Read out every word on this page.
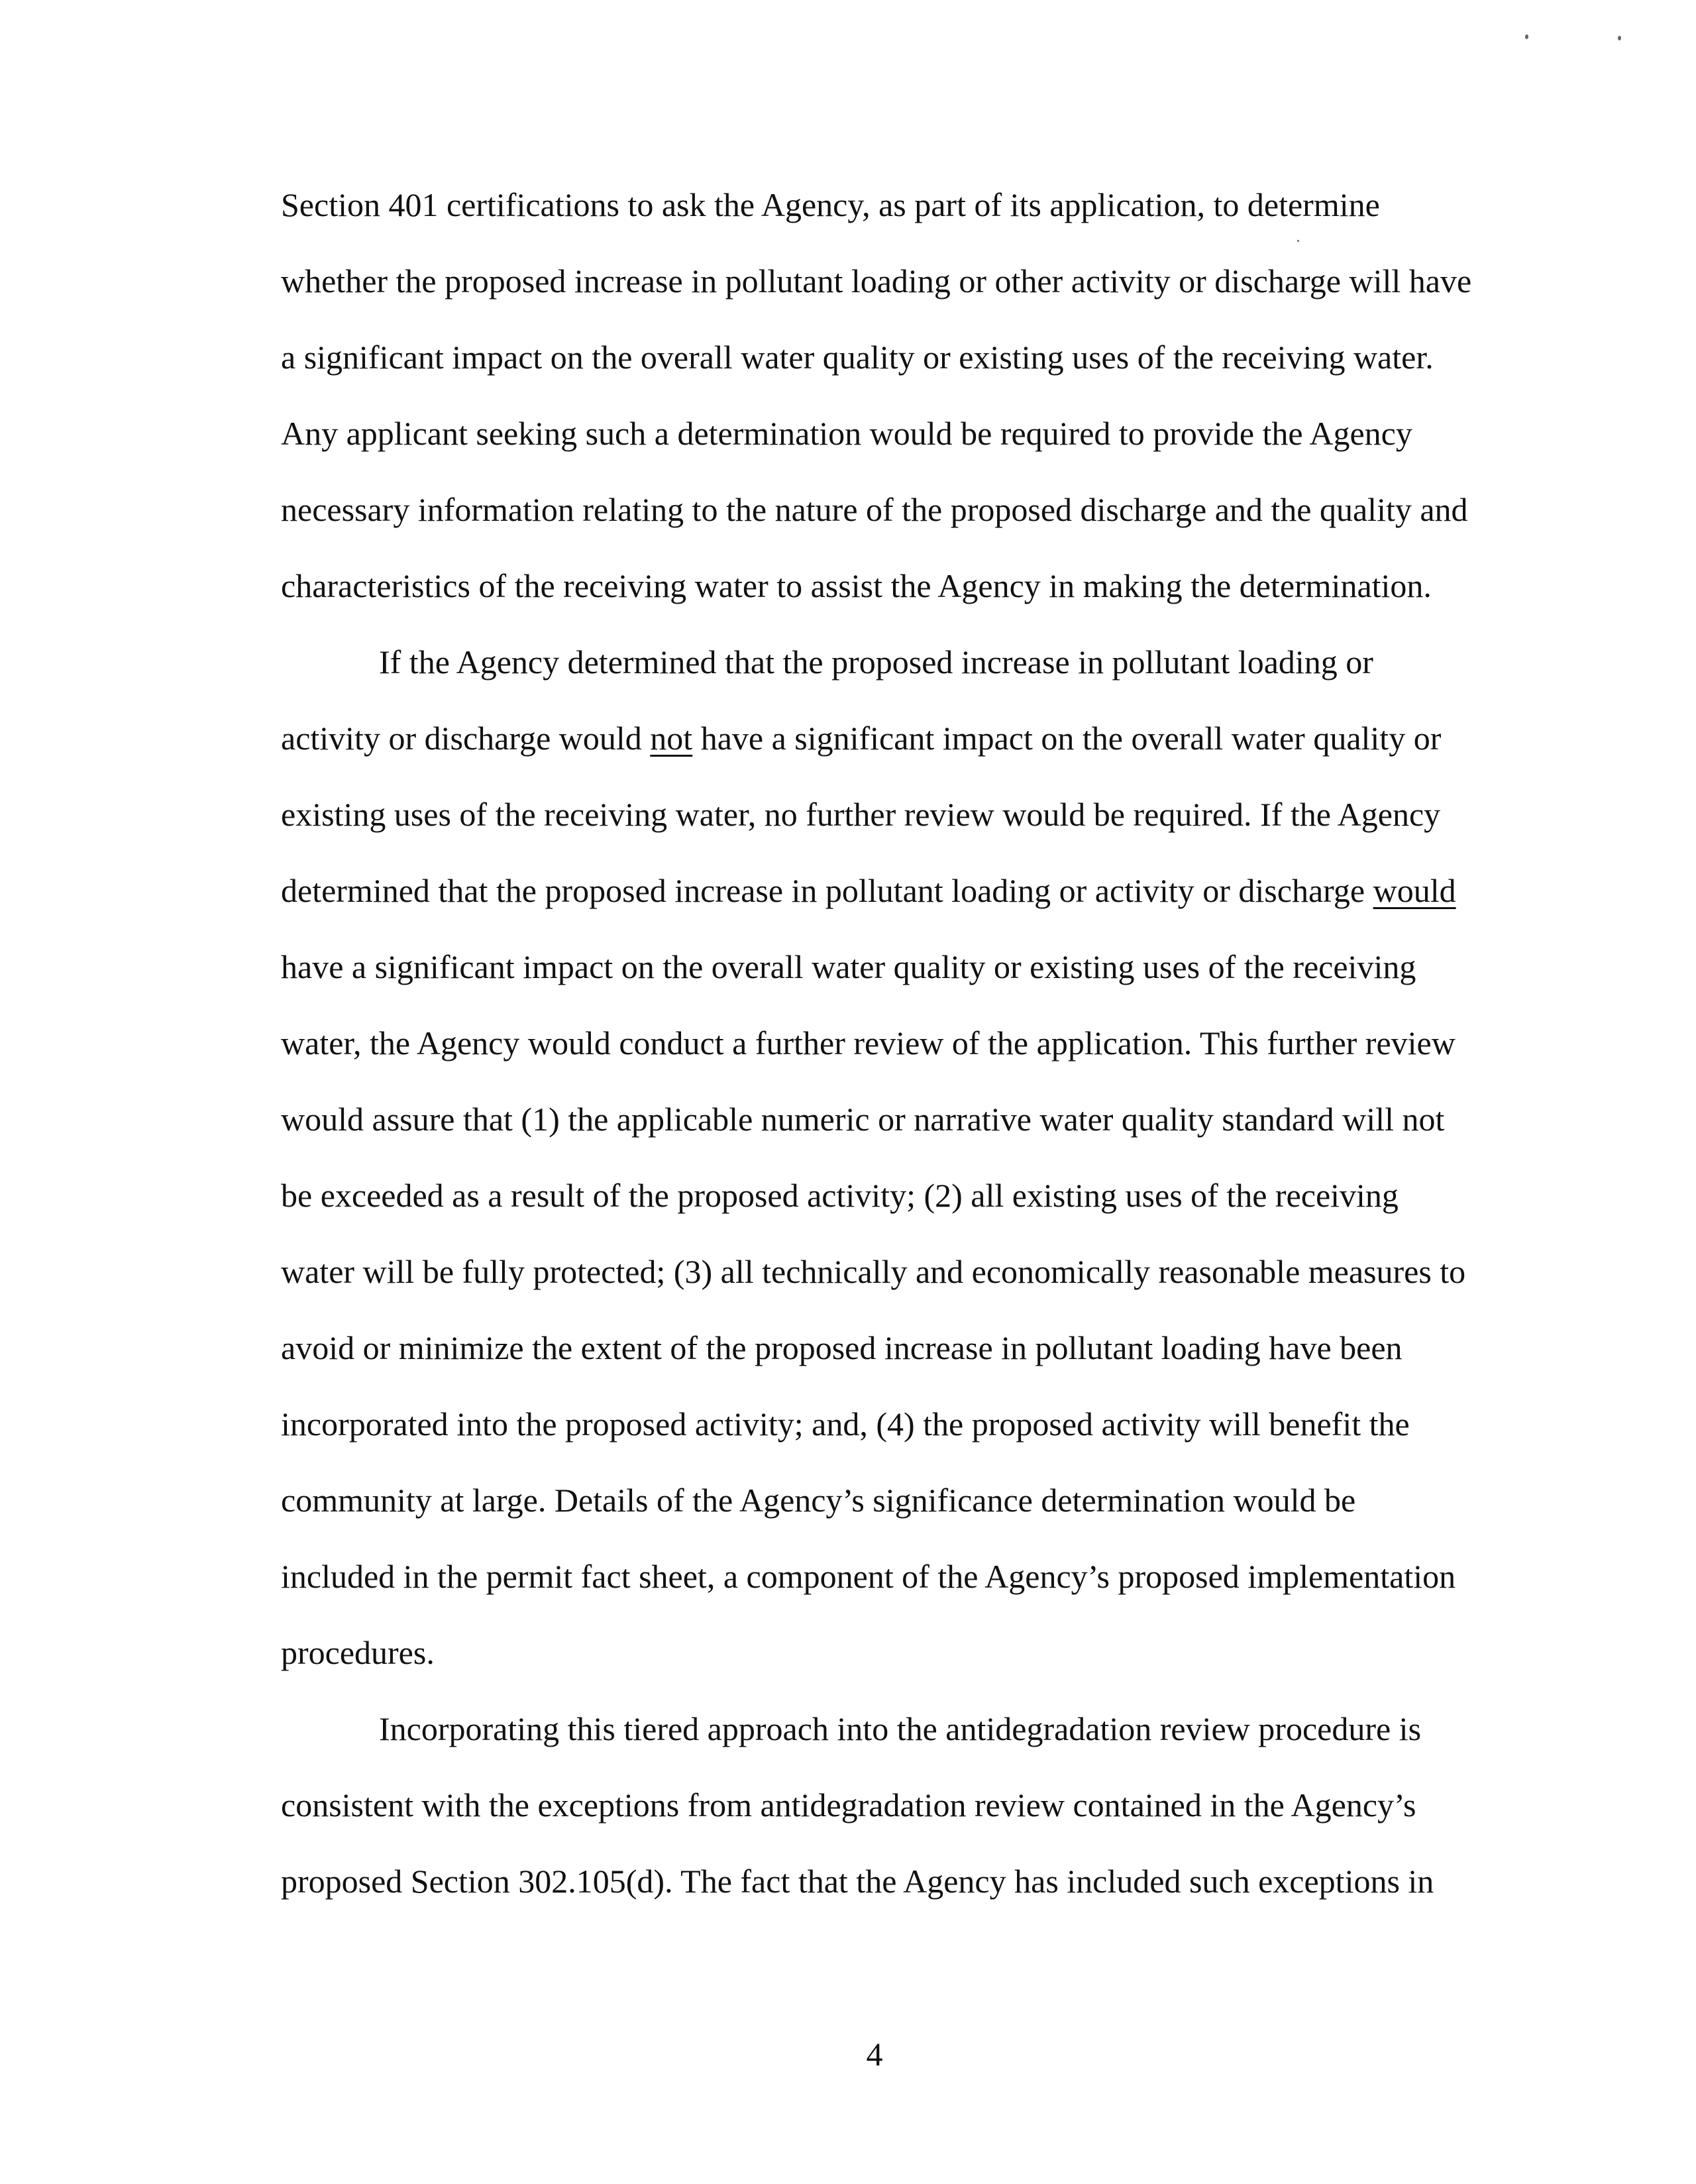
Section 401 certifications to ask the Agency, as part of its application, to determine whether the proposed increase in pollutant loading or other activity or discharge will have a significant impact on the overall water quality or existing uses of the receiving water. Any applicant seeking such a determination would be required to provide the Agency necessary information relating to the nature of the proposed discharge and the quality and characteristics of the receiving water to assist the Agency in making the determination.

If the Agency determined that the proposed increase in pollutant loading or activity or discharge would not have a significant impact on the overall water quality or existing uses of the receiving water, no further review would be required. If the Agency determined that the proposed increase in pollutant loading or activity or discharge would have a significant impact on the overall water quality or existing uses of the receiving water, the Agency would conduct a further review of the application. This further review would assure that (1) the applicable numeric or narrative water quality standard will not be exceeded as a result of the proposed activity; (2) all existing uses of the receiving water will be fully protected; (3) all technically and economically reasonable measures to avoid or minimize the extent of the proposed increase in pollutant loading have been incorporated into the proposed activity; and, (4) the proposed activity will benefit the community at large. Details of the Agency’s significance determination would be included in the permit fact sheet, a component of the Agency’s proposed implementation procedures.

Incorporating this tiered approach into the antidegradation review procedure is consistent with the exceptions from antidegradation review contained in the Agency’s proposed Section 302.105(d). The fact that the Agency has included such exceptions in

4
